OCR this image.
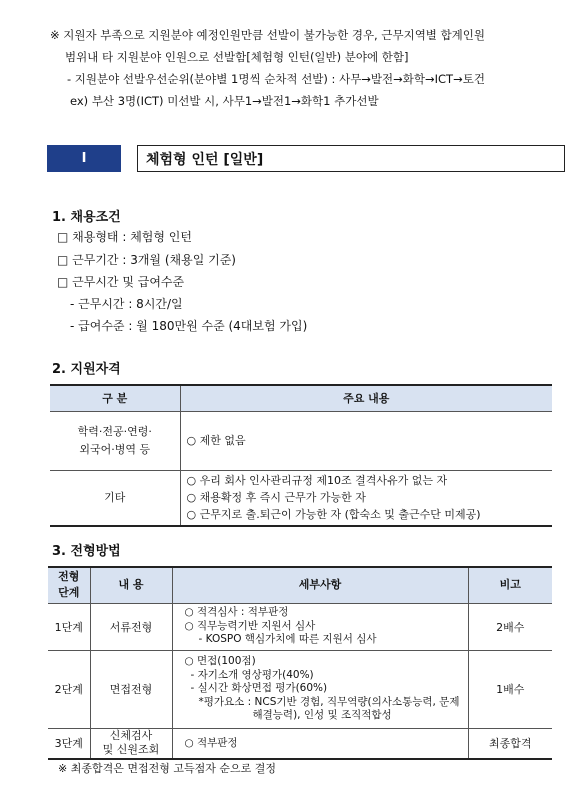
※ 지원자 부족으로 지원분야 예정인원만큼 선발이 불가능한 경우, 근무지역별 합계인원
범위내 타 지원분야 인원으로 선발함[체험형 인턴(일반) 분야에 한함]
- 지원분야 선발우선순위(분야별 1명씩 순차적 선발) : 사무→발전→화학→ICT→토건
ex) 부산 3명(ICT) 미선발 시, 사무1→발전1→화학1 추가선발
Ⅰ	체험형 인턴 [일반]
1. 채용조건
□ 채용형태 : 체험형 인턴
□ 근무기간 : 3개월 (채용일 기준)
□ 근무시간 및 급여수준
- 근무시간 : 8시간/일
- 급여수준 : 월 180만원 수준 (4대보험 가입)
2. 지원자격
구 분	주요 내용

학력·전공·연령·
외국어·병역 등	○ 제한 없음
기타	○ 우리 회사 인사관리규정 제10조 결격사유가 없는 자
○ 채용확정 후 즉시 근무가 가능한 자
○ 근무지로 출.퇴근이 가능한 자 (합숙소 및 출근수단 미제공)
3. 전형방법
전형
단계	내 용	세부사항	비고
1단계	서류전형	○ 적격심사 : 적부판정
○ 직무능력기반 지원서 심사
- KOSPO 핵심가치에 따른 지원서 심사	2배수
2단계	면접전형	○ 면접(100점)
- 자기소개 영상평가(40%)
- 실시간 화상면접 평가(60%)
*평가요소 : NCS기반 경험, 직무역량(의사소통능력, 문제
해결능력), 인성 및 조직적합성	1배수
3단계	신체검사
및 신원조회	○ 적부판정	최종합격
※ 최종합격은 면접전형 고득점자 순으로 결정
